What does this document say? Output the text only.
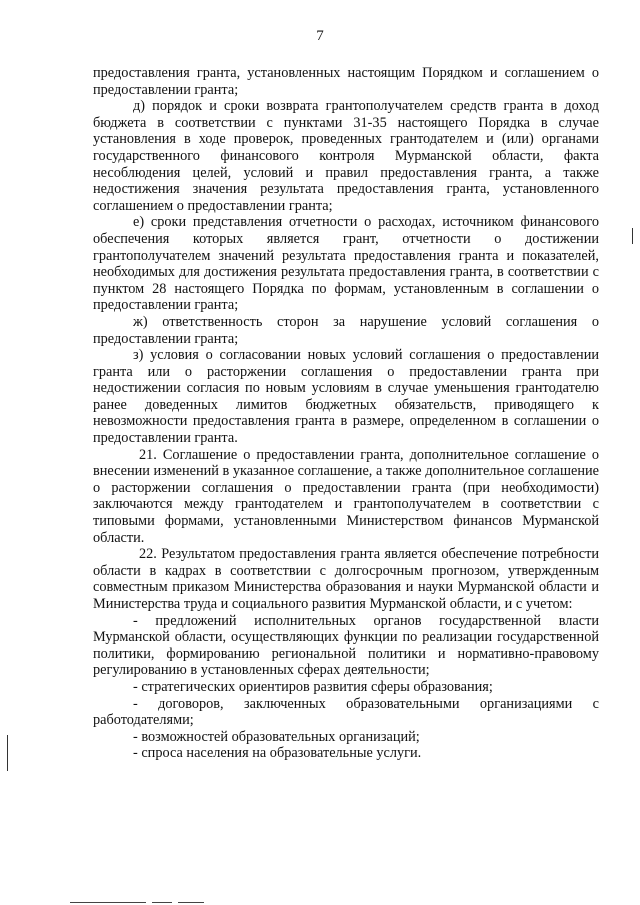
7

предоставления гранта, установленных настоящим Порядком и соглашением о предоставлении гранта;

д) порядок и сроки возврата грантополучателем средств гранта в доход бюджета в соответствии с пунктами 31-35 настоящего Порядка в случае установления в ходе проверок, проведенных грантодателем и (или) органами государственного финансового контроля Мурманской области, факта несоблюдения целей, условий и правил предоставления гранта, а также недостижения значения результата предоставления гранта, установленного соглашением о предоставлении гранта;

е) сроки представления отчетности о расходах, источником финансового обеспечения которых является грант, отчетности о достижении грантополучателем значений результата предоставления гранта и показателей, необходимых для достижения результата предоставления гранта, в соответствии с пунктом 28 настоящего Порядка по формам, установленным в соглашении о предоставлении гранта;

ж) ответственность сторон за нарушение условий соглашения о предоставлении гранта;

з) условия о согласовании новых условий соглашения о предоставлении гранта или о расторжении соглашения о предоставлении гранта при недостижении согласия по новым условиям в случае уменьшения грантодателю ранее доведенных лимитов бюджетных обязательств, приводящего к невозможности предоставления гранта в размере, определенном в соглашении о предоставлении гранта.

21. Соглашение о предоставлении гранта, дополнительное соглашение о внесении изменений в указанное соглашение, а также дополнительное соглашение о расторжении соглашения о предоставлении гранта (при необходимости) заключаются между грантодателем и грантополучателем в соответствии с типовыми формами, установленными Министерством финансов Мурманской области.

22. Результатом предоставления гранта является обеспечение потребности области в кадрах в соответствии с долгосрочным прогнозом, утвержденным совместным приказом Министерства образования и науки Мурманской области и Министерства труда и социального развития Мурманской области, и с учетом:

- предложений исполнительных органов государственной власти Мурманской области, осуществляющих функции по реализации государственной политики, формированию региональной политики и нормативно-правовому регулированию в установленных сферах деятельности;

- стратегических ориентиров развития сферы образования;

- договоров, заключенных образовательными организациями с работодателями;

- возможностей образовательных организаций;

- спроса населения на образовательные услуги.
